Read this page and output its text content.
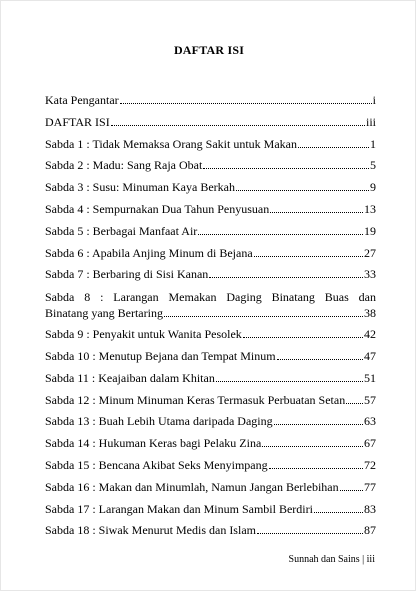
DAFTAR ISI
Kata Pengantar	i
DAFTAR ISI	iii
Sabda 1 : Tidak Memaksa Orang Sakit untuk Makan	1
Sabda 2 : Madu: Sang Raja Obat	5
Sabda 3 : Susu: Minuman Kaya Berkah	9
Sabda 4 : Sempurnakan Dua Tahun Penyusuan	13
Sabda 5 : Berbagai Manfaat Air	19
Sabda 6 : Apabila Anjing Minum di Bejana	27
Sabda 7 : Berbaring di Sisi Kanan	33
Sabda 8 : Larangan Memakan Daging Binatang Buas dan
Binatang yang Bertaring	38
Sabda 9 : Penyakit untuk Wanita Pesolek	42
Sabda 10 : Menutup Bejana dan Tempat Minum	47
Sabda 11 : Keajaiban dalam Khitan	51
Sabda 12 : Minum Minuman Keras Termasuk Perbuatan Setan 57
Sabda 13 : Buah Lebih Utama daripada Daging	63
Sabda 14 : Hukuman Keras bagi Pelaku Zina	67
Sabda 15 : Bencana Akibat Seks Menyimpang	72
Sabda 16 : Makan dan Minumlah, Namun Jangan Berlebihan 77
Sabda 17 : Larangan Makan dan Minum Sambil Berdiri	83
Sabda 18 : Siwak Menurut Medis dan Islam	87
Sunnah dan Sains | iii
